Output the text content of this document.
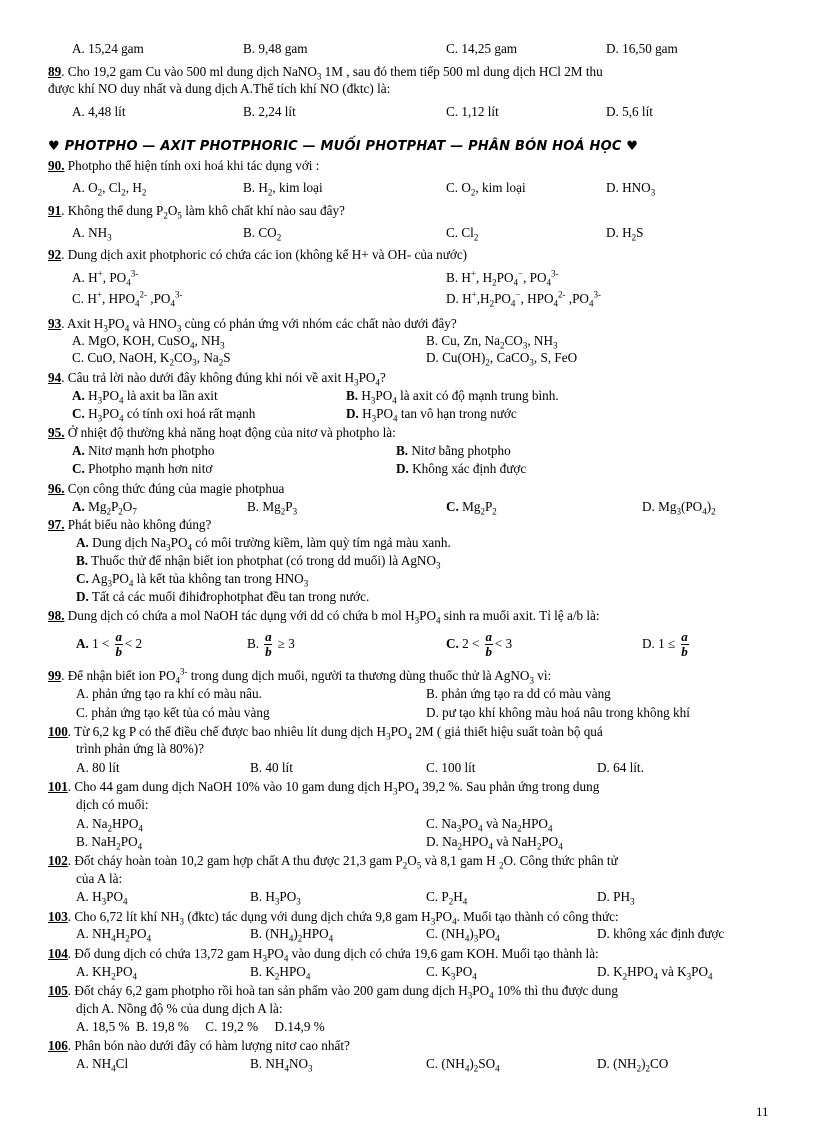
A. 15,24 gam	B. 9,48 gam	C. 14,25 gam	D. 16,50 gam
89. Cho 19,2 gam Cu vào 500 ml dung dịch NaNO$_3$ 1M , sau đó them tiếp 500 ml dung dịch HCl 2M thu
được khí NO duy nhất và dung dịch A.Thể tích khí NO (đktc) là:
A. 4,48 lít	B. 2,24 lít	C. 1,12 lít	D. 5,6 lít
♥ PHOTPHO — AXIT PHOTPHORIC — MUỐI PHOTPHAT — PHÂN BÓN HOÁ HỌC ♥
90. Photpho thể hiện tính oxi hoá khi tác dụng với :
A. $O_2$, $Cl_2$, $H_2$	B. $H_2$, kim loại	C. $O_2$, kim loại	D. $HNO_3$
91. Không thể dung $P_2O_5$ làm khô chất khí nào sau đây?
A. $NH_3$	B. $CO_2$	C. $Cl_2$	D. $H_2S$
92. Dung dịch axit photphoric có chứa các ion (không kể H+ và OH- của nước)
A. H+, $PO_4^{3-}$	B. H+, $H_2PO_4^-$, $PO_4^{3-}$
C. H+, $HPO_4^{2-}$ $,PO_4^{3-}$	D. $H^+,H_2PO_4^-$, $HPO_4^{2-}$ $,PO_4^{3-}$
93. Axit $H_3PO_4$ và $HNO_3$ cùng có phản ứng với nhóm các chất nào dưới đây?
A. MgO, KOH, CuSO$_4$, $NH_3$	B. Cu, Zn, $Na_2CO_3$, $NH_3$
C. CuO, NaOH, $K_2CO_3$, $Na_2S$	D. $Cu(OH)_2$, CaCO$_3$, S, FeO
94. Câu trả lời nào dưới đây không đúng khi nói về axit $H_3PO_4$?
A. $H_3PO_4$ là axit ba lần axit	B. $H_3PO_4$ là axit có độ mạnh trung bình.
C. $H_3PO_4$ có tính oxi hoá rất mạnh	D. $H_3PO_4$ tan vô hạn trong nước
95. Ở nhiệt độ thường khả năng hoạt động của nitơ và photpho là:
A. Nitơ mạnh hơn photpho	B. Nitơ bằng photpho
C. Photpho mạnh hơn nitơ	D. Không xác định được
96. Cọn công thức đúng của magie photphua
A. $Mg_2P_2O_7$	B. $Mg_2P_3$	C. $Mg_2P_2$	D. $Mg_3(PO_4)_2$
97. Phát biểu nào không đúng?
A. Dung dịch $Na_3PO_4$ có môi trường kiềm, làm quỳ tím ngả màu xanh.
B. Thuốc thử để nhận biết ion photphat (có trong dd muối) là AgNO$_3$
C. $Ag_3PO_4$ là kết tủa không tan trong $HNO_3$
D. Tất cả các muối đihiđrophotphat đều tan trong nước.
98. Dung dịch có chứa a mol NaOH tác dụng với dd có chứa b mol $H_3PO_4$ sinh ra muối axit. Tỉ lệ a/b là:
A. $1 < \frac{a}{b} < 2$	B. $\frac{a}{b} \ge 3$	C. $2 < \frac{a}{b} < 3$	D. $1 \le \frac{a}{b}$
99. Để nhận biết ion $PO_4^{3-}$ trong dung dịch muối, người ta thương dùng thuốc thử là AgNO$_3$ vì:
A. phản ứng tạo ra khí có màu nâu.	B. phản ứng tạo ra dd có màu vàng
C. phản ứng tạo kết tủa có màu vàng	D. pư tạo khí không màu hoá nâu trong không khí
100. Từ 6,2 kg P có thể điều chế được bao nhiêu lít dung dịch $H_3PO_4$ 2M ( giả thiết hiệu suất toàn bộ quá
trình phản ứng là 80%)?
A. 80 lít	B. 40 lít	C. 100 lít	D. 64 lít.
101. Cho 44 gam dung dịch NaOH 10% vào 10 gam dung dịch $H_3PO_4$ 39,2 %. Sau phản ứng trong dung
dịch có muối:
A. $Na_2HPO_4$	C. $Na_3PO_4$ và $Na_2HPO_4$
B. $NaH_2PO_4$	D. $Na_2HPO_4$ và $NaH_2PO_4$
102. Đốt cháy hoàn toàn 10,2 gam hợp chất A thu được 21,3 gam $P_2O_5$ và 8,1 gam H $_2$O. Công thức phân tử
của A là:
A. $H_3PO_4$	B. $H_3PO_3$	C. $P_2H_4$	D. $PH_3$
103. Cho 6,72 lít khí $NH_3$ (đktc) tác dụng với dung dịch chứa 9,8 gam $H_3PO_4$. Muối tạo thành có công thức:
A. $NH_4H_2PO_4$	B. $(NH_4)_2HPO_4$	C. $(NH_4)_3PO_4$	D. không xác định được
104. Đổ dung dịch có chứa 13,72 gam $H_3PO_4$ vào dung dịch có chứa 19,6 gam KOH. Muối tạo thành là:
A. $KH_2PO_4$	B. $K_2HPO_4$	C. $K_3PO_4$	D. $K_2HPO_4$ và $K_3PO_4$
105. Đốt cháy 6,2 gam photpho rồi hoà tan sản phẩm vào 200 gam dung dịch $H_3PO_4$ 10% thì thu được dung
dịch A. Nồng độ % của dung dịch A là:
A. 18,5 %  B. 19,8 %     C. 19,2 %     D.14,9 %
106. Phân bón nào dưới đây có hàm lượng nitơ cao nhất?
A. $NH_4Cl$	B. $NH_4NO_3$	C. $(NH_4)_2SO_4$	D. $(NH_2)_2CO$
11
